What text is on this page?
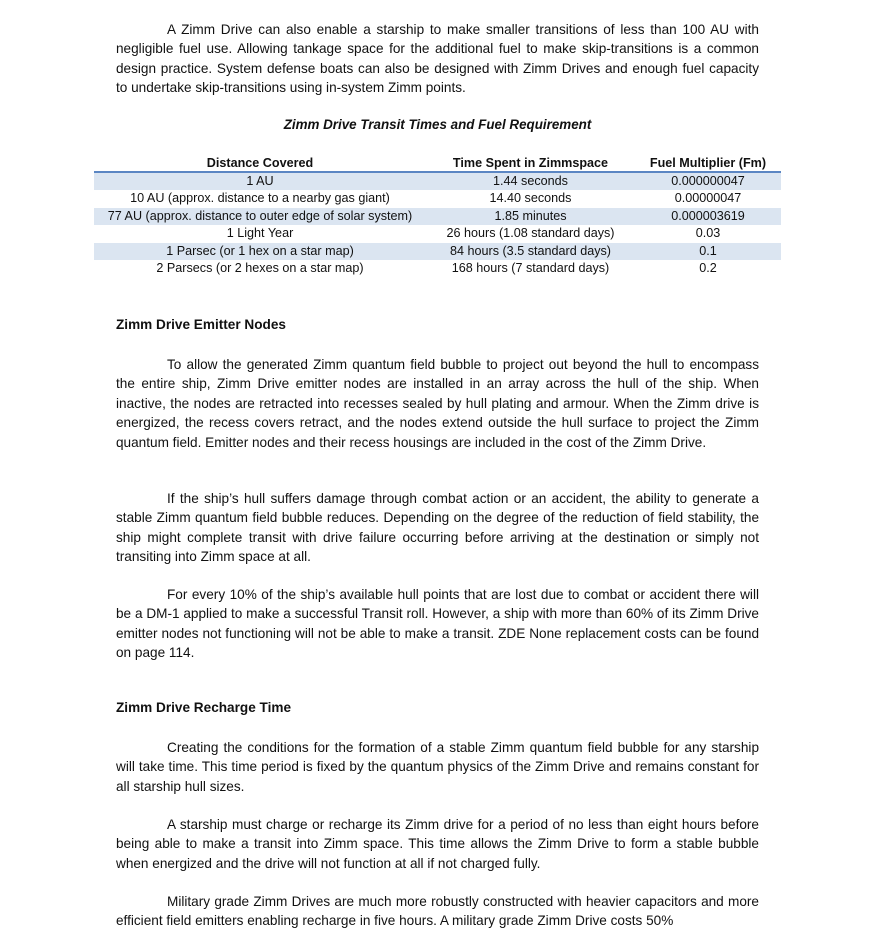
A Zimm Drive can also enable a starship to make smaller transitions of less than 100 AU with negligible fuel use. Allowing tankage space for the additional fuel to make skip-transitions is a common design practice. System defense boats can also be designed with Zimm Drives and enough fuel capacity to undertake skip-transitions using in-system Zimm points.

Zimm Drive Transit Times and Fuel Requirement

Distance Covered	Time Spent in Zimmspace	Fuel Multiplier (Fm)
1 AU	1.44 seconds	0.000000047
10 AU (approx. distance to a nearby gas giant)	14.40 seconds	0.00000047
77 AU (approx. distance to outer edge of solar system)	1.85 minutes	0.000003619
1 Light Year	26 hours (1.08 standard days)	0.03
1 Parsec (or 1 hex on a star map)	84 hours (3.5 standard days)	0.1
2 Parsecs (or 2 hexes on a star map)	168 hours (7 standard days)	0.2

Zimm Drive Emitter Nodes

To allow the generated Zimm quantum field bubble to project out beyond the hull to encompass the entire ship, Zimm Drive emitter nodes are installed in an array across the hull of the ship. When inactive, the nodes are retracted into recesses sealed by hull plating and armour. When the Zimm drive is energized, the recess covers retract, and the nodes extend outside the hull surface to project the Zimm quantum field. Emitter nodes and their recess housings are included in the cost of the Zimm Drive.

If the ship’s hull suffers damage through combat action or an accident, the ability to generate a stable Zimm quantum field bubble reduces. Depending on the degree of the reduction of field stability, the ship might complete transit with drive failure occurring before arriving at the destination or simply not transiting into Zimm space at all.

For every 10% of the ship’s available hull points that are lost due to combat or accident there will be a DM-1 applied to make a successful Transit roll. However, a ship with more than 60% of its Zimm Drive emitter nodes not functioning will not be able to make a transit. ZDE None replacement costs can be found on page 114.

Zimm Drive Recharge Time

Creating the conditions for the formation of a stable Zimm quantum field bubble for any starship will take time. This time period is fixed by the quantum physics of the Zimm Drive and remains constant for all starship hull sizes.

A starship must charge or recharge its Zimm drive for a period of no less than eight hours before being able to make a transit into Zimm space. This time allows the Zimm Drive to form a stable bubble when energized and the drive will not function at all if not charged fully.

Military grade Zimm Drives are much more robustly constructed with heavier capacitors and more efficient field emitters enabling recharge in five hours. A military grade Zimm Drive costs 50%
